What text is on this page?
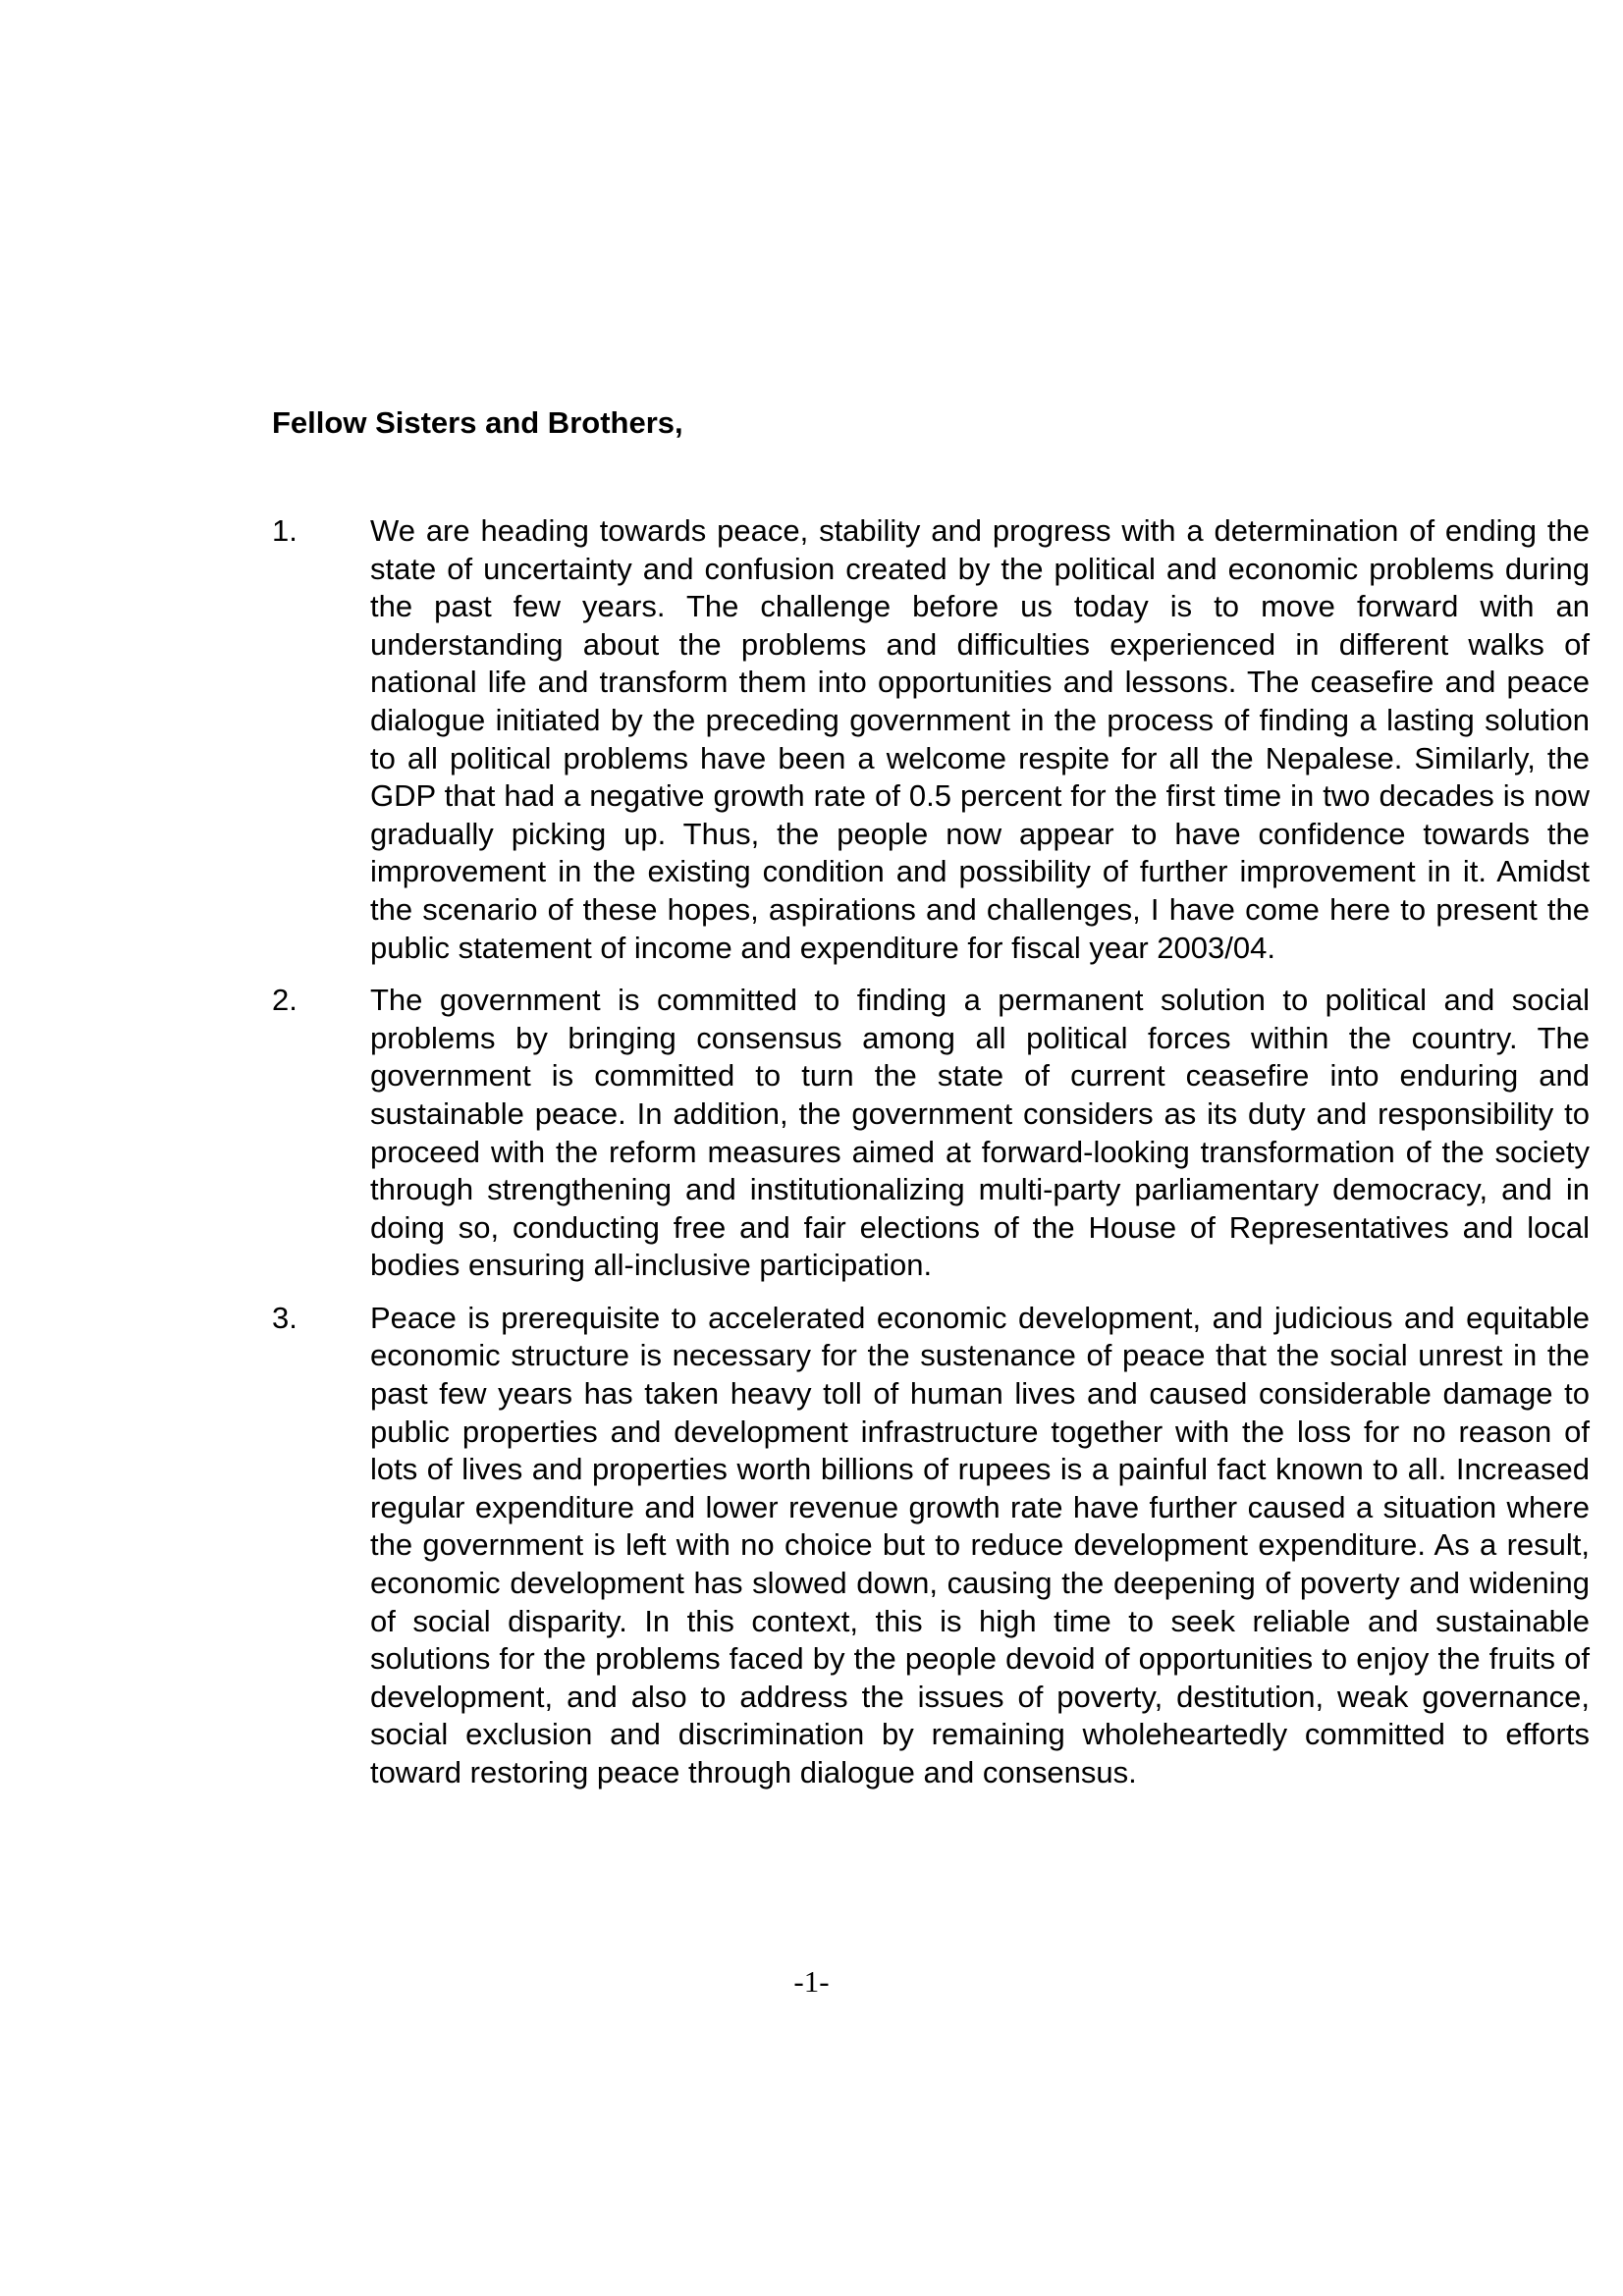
Fellow Sisters and Brothers,

1.	We are heading towards peace, stability and progress with a determination of ending the state of uncertainty and confusion created by the political and economic problems during the past few years. The challenge before us today is to move forward with an understanding about the problems and difficulties experienced in different walks of national life and transform them into opportunities and lessons. The ceasefire and peace dialogue initiated by the preceding government in the process of finding a lasting solution to all political problems have been a welcome respite for all the Nepalese. Similarly, the GDP that had a negative growth rate of 0.5 percent for the first time in two decades is now gradually picking up. Thus, the people now appear to have confidence towards the improvement in the existing condition and possibility of further improvement in it. Amidst the scenario of these hopes, aspirations and challenges, I have come here to present the public statement of income and expenditure for fiscal year 2003/04.
2.	The government is committed to finding a permanent solution to political and social problems by bringing consensus among all political forces within the country. The government is committed to turn the state of current ceasefire into enduring and sustainable peace. In addition, the government considers as its duty and responsibility to proceed with the reform measures aimed at forward-looking transformation of the society through strengthening and institutionalizing multi-party parliamentary democracy, and in doing so, conducting free and fair elections of the House of Representatives and local bodies ensuring all-inclusive participation.
3.	Peace is prerequisite to accelerated economic development, and judicious and equitable economic structure is necessary for the sustenance of peace that the social unrest in the past few years has taken heavy toll of human lives and caused considerable damage to public properties and development infrastructure together with the loss for no reason of lots of lives and properties worth billions of rupees is a painful fact known to all. Increased regular expenditure and lower revenue growth rate have further caused a situation where the government is left with no choice but to reduce development expenditure. As a result, economic development has slowed down, causing the deepening of poverty and widening of social disparity. In this context, this is high time to seek reliable and sustainable solutions for the problems faced by the people devoid of opportunities to enjoy the fruits of development, and also to address the issues of poverty, destitution, weak governance, social exclusion and discrimination by remaining wholeheartedly committed to efforts toward restoring peace through dialogue and consensus.

-1-
